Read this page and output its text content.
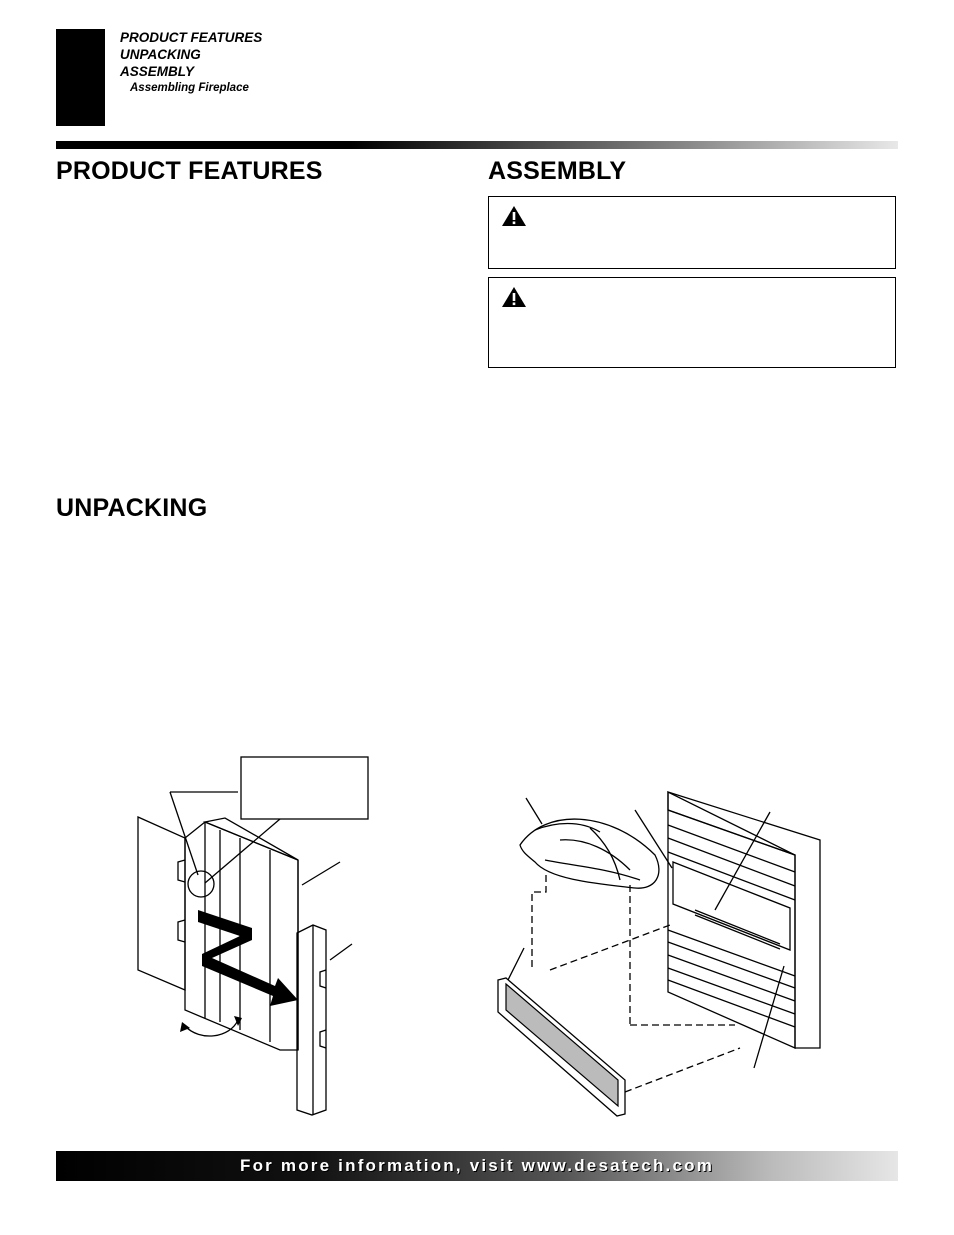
PRODUCT FEATURES
UNPACKING
ASSEMBLY
Assembling Fireplace
PRODUCT FEATURES	ASSEMBLY
UNPACKING
For more information, visit www.desatech.com
